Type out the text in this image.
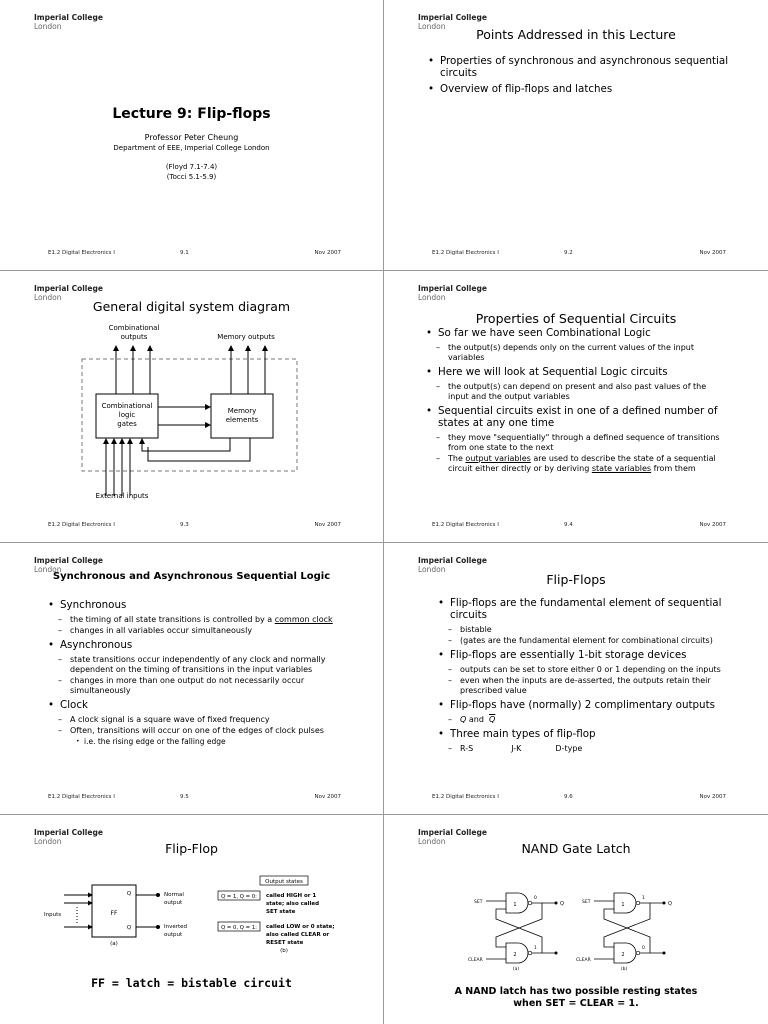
Imperial College
London
Lecture 9: Flip-flops
Professor Peter Cheung
Department of EEE, Imperial College London
(Floyd 7.1-7.4)
(Tocci 5.1-5.9)
E1.2 Digital Electronics I	9.1	Nov 2007
Imperial College
London
Points Addressed in this Lecture
• Properties of synchronous and asynchronous sequential circuits
• Overview of flip-flops and latches
E1.2 Digital Electronics I	9.2	Nov 2007
Imperial College
London
General digital system diagram
Combinational
logic
gates
Memory
elements
Combinational
outputs	Memory outputs
External inputs
E1.2 Digital Electronics I	9.3	Nov 2007
Imperial College
London
Properties of Sequential Circuits
• So far we have seen Combinational Logic
– the output(s) depends only on the current values of the input variables
• Here we will look at Sequential Logic circuits
– the output(s) can depend on present and also past values of the input and the output variables
• Sequential circuits exist in one of a defined number of states at any one time
– they move "sequentially" through a defined sequence of transitions from one state to the next
– The output variables are used to describe the state of a sequential circuit either directly or by deriving state variables from them
E1.2 Digital Electronics I	9.4	Nov 2007
Imperial College
London
Synchronous and Asynchronous Sequential Logic
• Synchronous
– the timing of all state transitions is controlled by a common clock
– changes in all variables occur simultaneously
• Asynchronous
– state transitions occur independently of any clock and normally dependent on the timing of transitions in the input variables
– changes in more than one output do not necessarily occur simultaneously
• Clock
– A clock signal is a square wave of fixed frequency
– Often, transitions will occur on one of the edges of clock pulses
• i.e. the rising edge or the falling edge
E1.2 Digital Electronics I	9.5	Nov 2007
Imperial College
London
Flip-Flops
• Flip-flops are the fundamental element of sequential circuits
– bistable
– (gates are the fundamental element for combinational circuits)
• Flip-flops are essentially 1-bit storage devices
– outputs can be set to store either 0 or 1 depending on the inputs
– even when the inputs are de-asserted, the outputs retain their prescribed value
• Flip-flops have (normally) 2 complimentary outputs
– Q and $\overline{Q}$
• Three main types of flip-flop
– R-S	J-K	D-type
E1.2 Digital Electronics I	9.6	Nov 2007
Imperial College
London	Flip-Flop
FF
Q
Q
Inputs
Normal
output
Inverted
output
(a)
Output states
Q = 1, Q = 0: called HIGH or 1
state; also called
SET state
Q = 0, Q = 1: called LOW or 0 state;
also called CLEAR or
RESET state
(b)
FF = latch = bistable circuit
Imperial College
London	NAND Gate Latch
SET	1	Q
0
2
1
CLEAR
(a)
SET	1	Q
1
2
0
CLEAR
(b)
A NAND latch has two possible resting states
when SET = CLEAR = 1.
